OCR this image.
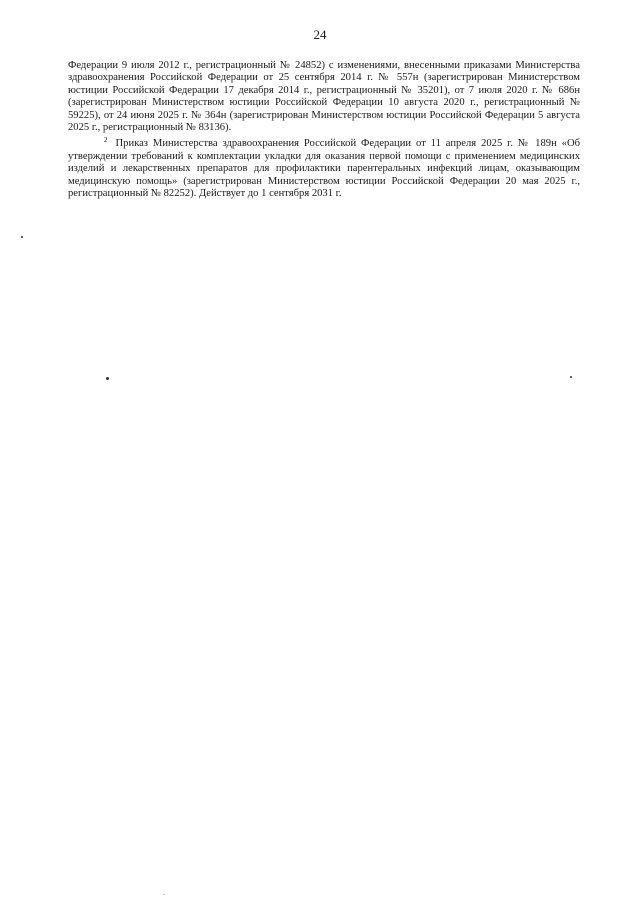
24

Федерации 9 июля 2012 г., регистрационный № 24852) с изменениями, внесенными приказами Министерства здравоохранения Российской Федерации от 25 сентября 2014 г. № 557н (зарегистрирован Министерством юстиции Российской Федерации 17 декабря 2014 г., регистрационный № 35201), от 7 июля 2020 г. № 686н (зарегистрирован Министерством юстиции Российской Федерации 10 августа 2020 г., регистрационный № 59225), от 24 июня 2025 г. № 364н (зарегистрирован Министерством юстиции Российской Федерации 5 августа 2025 г., регистрационный № 83136).

$^2$ Приказ Министерства здравоохранения Российской Федерации от 11 апреля 2025 г. № 189н «Об утверждении требований к комплектации укладки для оказания первой помощи с применением медицинских изделий и лекарственных препаратов для профилактики парентеральных инфекций лицам, оказывающим медицинскую помощь» (зарегистрирован Министерством юстиции Российской Федерации 20 мая 2025 г., регистрационный № 82252). Действует до 1 сентября 2031 г.
